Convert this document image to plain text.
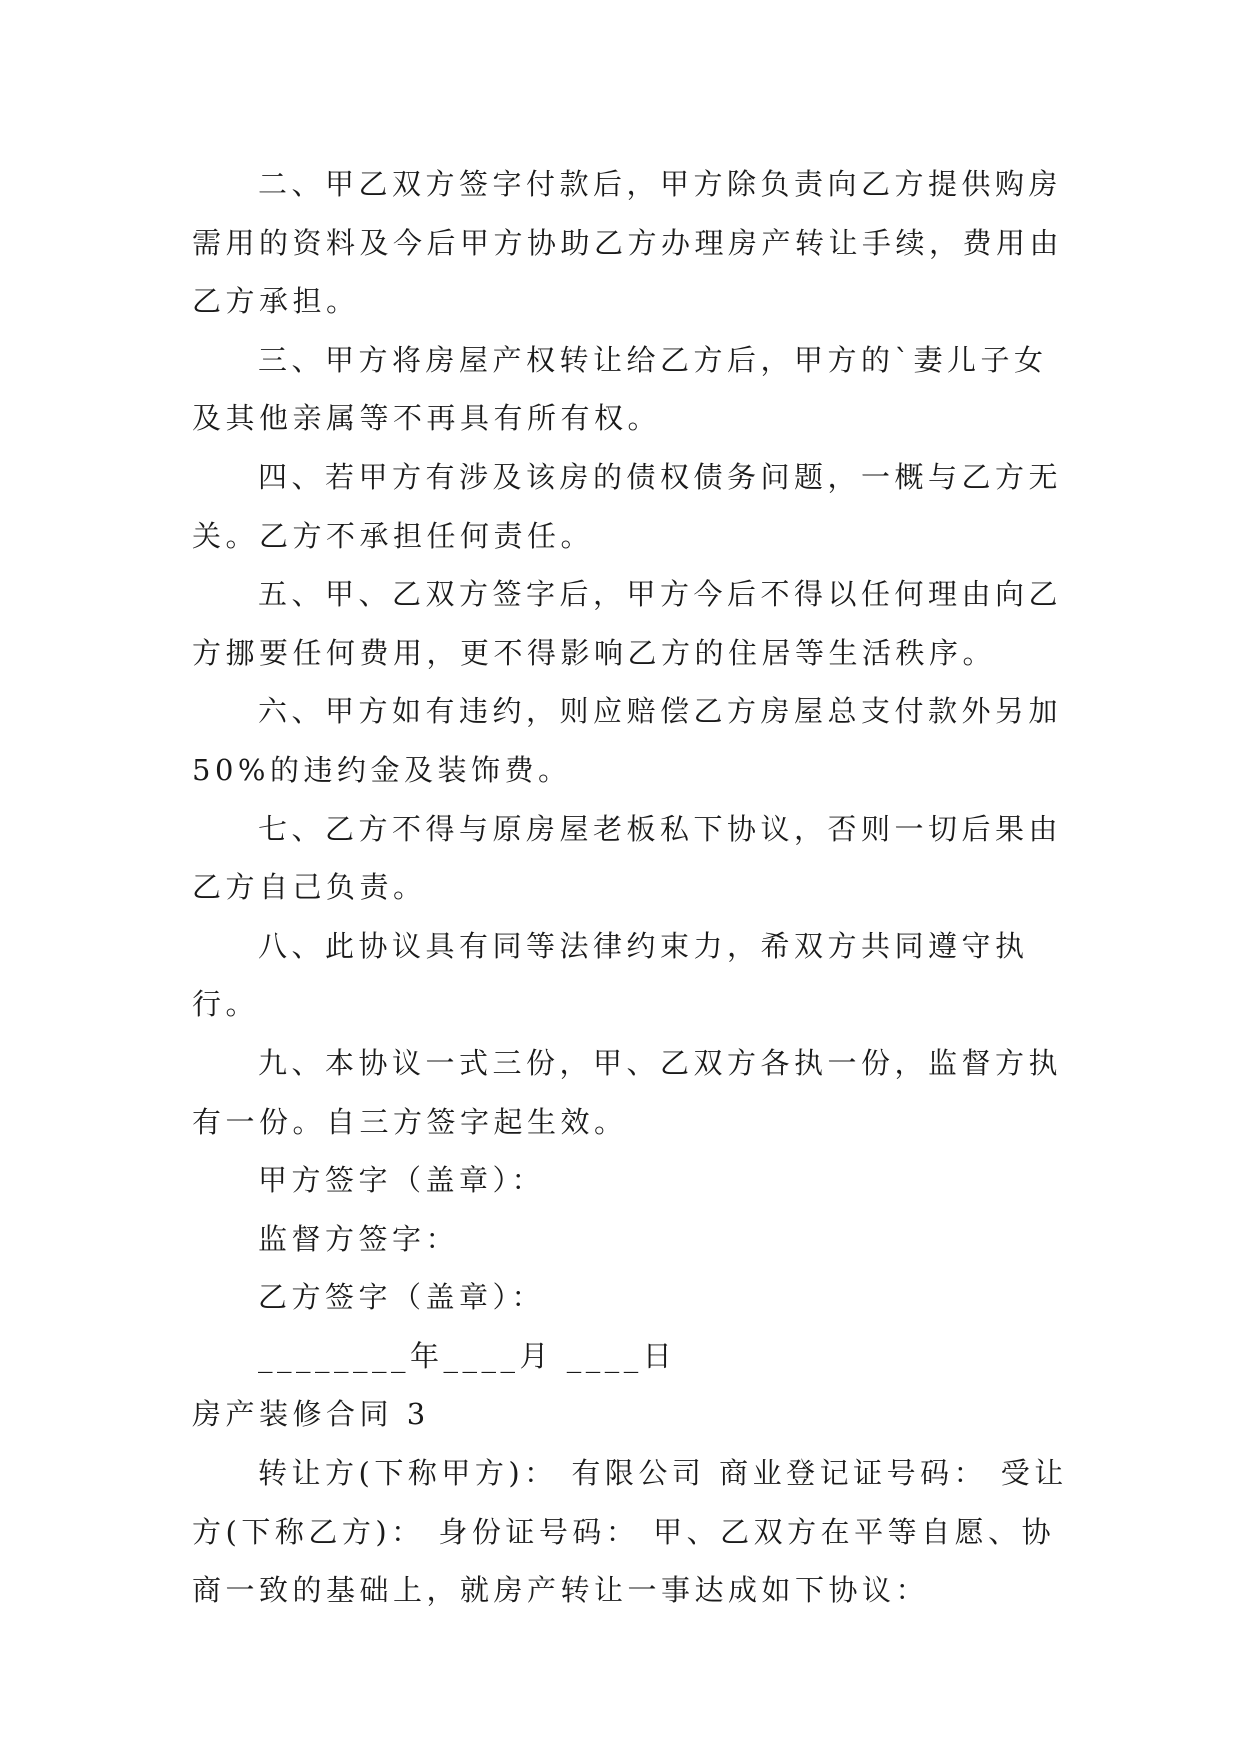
二、甲乙双方签字付款后，甲方除负责向乙方提供购房需用的资料及今后甲方协助乙方办理房产转让手续，费用由乙方承担。

三、甲方将房屋产权转让给乙方后，甲方的`妻儿子女及其他亲属等不再具有所有权。

四、若甲方有涉及该房的债权债务问题，一概与乙方无关。乙方不承担任何责任。

五、甲、乙双方签字后，甲方今后不得以任何理由向乙方挪要任何费用，更不得影响乙方的住居等生活秩序。

六、甲方如有违约，则应赔偿乙方房屋总支付款外另加50%的违约金及装饰费。

七、乙方不得与原房屋老板私下协议，否则一切后果由乙方自己负责。

八、此协议具有同等法律约束力，希双方共同遵守执行。

九、本协议一式三份，甲、乙双方各执一份，监督方执有一份。自三方签字起生效。

甲方签字（盖章）：

监督方签字：

乙方签字（盖章）：

________年____月 ____日

房产装修合同 3

转让方(下称甲方)： 有限公司 商业登记证号码： 受让方(下称乙方)： 身份证号码： 甲、乙双方在平等自愿、协商一致的基础上，就房产转让一事达成如下协议：
